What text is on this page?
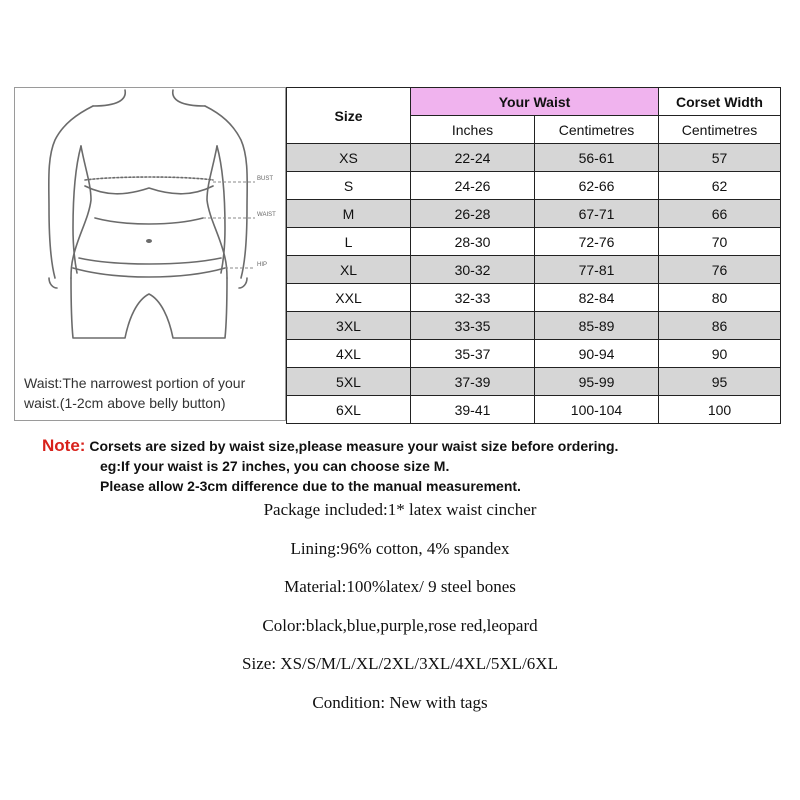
BUST
WAIST
HIP
Waist:The narrowest portion of your
waist.(1-2cm above belly button)
Size	Your Waist		Corset Width
	Inches	Centimetres	Centimetres
XS	22-24	56-61	57
S	24-26	62-66	62
M	26-28	67-71	66
L	28-30	72-76	70
XL	30-32	77-81	76
XXL	32-33	82-84	80
3XL	33-35	85-89	86
4XL	35-37	90-94	90
5XL	37-39	95-99	95
6XL	39-41	100-104	100
Note: Corsets are sized by waist size,please measure your waist size before ordering.
eg:If your waist is 27 inches, you can choose size M.
Please allow 2-3cm difference due to the manual measurement.
Package included:1* latex waist cincher
Lining:96% cotton, 4% spandex
Material:100%latex/ 9 steel bones
Color:black,blue,purple,rose red,leopard
Size: XS/S/M/L/XL/2XL/3XL/4XL/5XL/6XL
Condition: New with tags
